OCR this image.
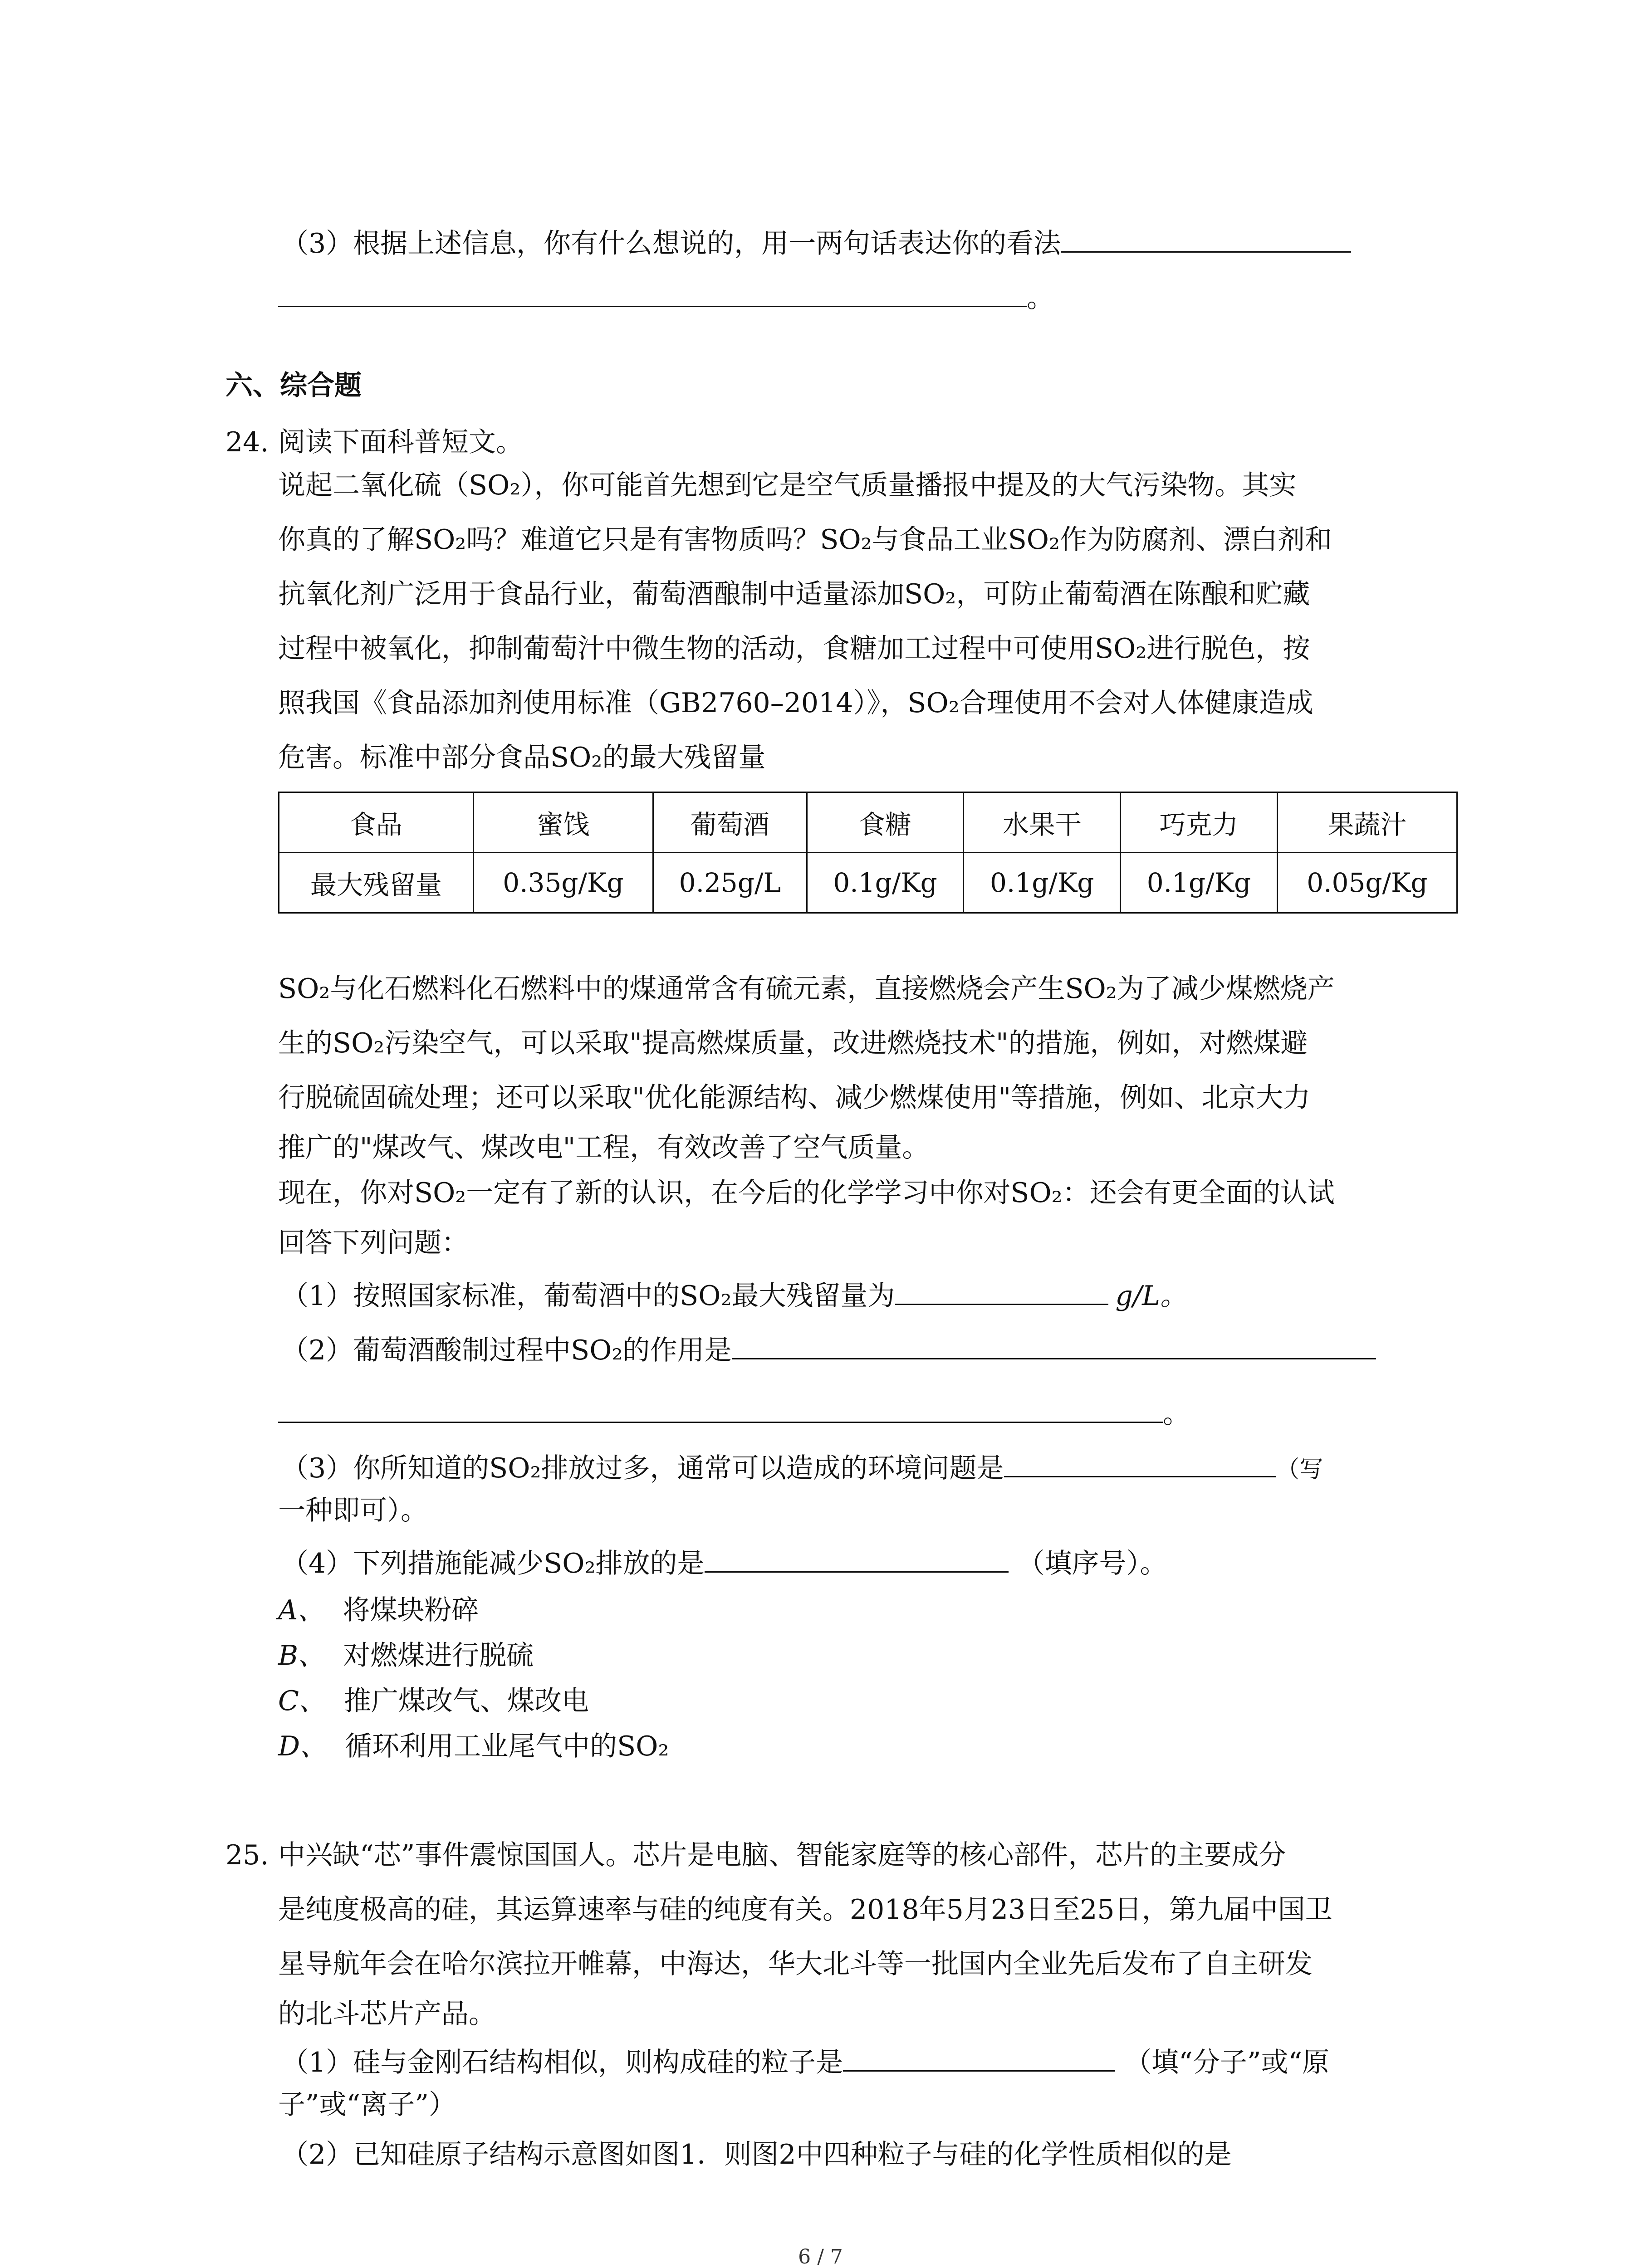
（3）根据上述信息，你有什么想说的，用一两句话表达你的看法
。
六、综合题
24. 阅读下面科普短文。
说起二氧化硫（SO₂），你可能首先想到它是空气质量播报中提及的大气污染物。其实
你真的了解SO₂吗？难道它只是有害物质吗？SO₂与食品工业SO₂作为防腐剂、漂白剂和
抗氧化剂广泛用于食品行业，葡萄酒酿制中适量添加SO₂，可防止葡萄酒在陈酿和贮藏
过程中被氧化，抑制葡萄汁中微生物的活动，食糖加工过程中可使用SO₂进行脱色，按
照我国《食品添加剂使用标准（GB2760–2014）》，SO₂合理使用不会对人体健康造成
危害。标准中部分食品SO₂的最大残留量
食品	蜜饯	葡萄酒	食糖	水果干	巧克力	果蔬汁
最大残留量	0.35g/Kg	0.25g/L	0.1g/Kg	0.1g/Kg	0.1g/Kg	0.05g/Kg
SO₂与化石燃料化石燃料中的煤通常含有硫元素，直接燃烧会产生SO₂为了减少煤燃烧产
生的SO₂污染空气，可以采取"提高燃煤质量，改进燃烧技术"的措施，例如，对燃煤避
行脱硫固硫处理；还可以采取"优化能源结构、减少燃煤使用"等措施，例如、北京大力
推广的"煤改气、煤改电"工程，有效改善了空气质量。
现在，你对SO₂一定有了新的认识，在今后的化学学习中你对SO₂：还会有更全面的认试
回答下列问题：
（1）按照国家标准，葡萄酒中的SO₂最大残留量为	g/L。
（2）葡萄酒酸制过程中SO₂的作用是
。
（3）你所知道的SO₂排放过多，通常可以造成的环境问题是	（写
一种即可）。
（4）下列措施能减少SO₂排放的是	（填序号）。
A、 将煤块粉碎
B、 对燃煤进行脱硫
C、 推广煤改气、煤改电
D、 循环利用工业尾气中的SO₂
25. 中兴缺“芯”事件震惊国国人。芯片是电脑、智能家庭等的核心部件，芯片的主要成分
是纯度极高的硅，其运算速率与硅的纯度有关。2018年5月23日至25日，第九届中国卫
星导航年会在哈尔滨拉开帷幕，中海达，华大北斗等一批国内全业先后发布了自主研发
的北斗芯片产品。
（1）硅与金刚石结构相似，则构成硅的粒子是	（填“分子”或“原
子”或“离子”）
（2）已知硅原子结构示意图如图1．则图2中四种粒子与硅的化学性质相似的是
6 / 7
